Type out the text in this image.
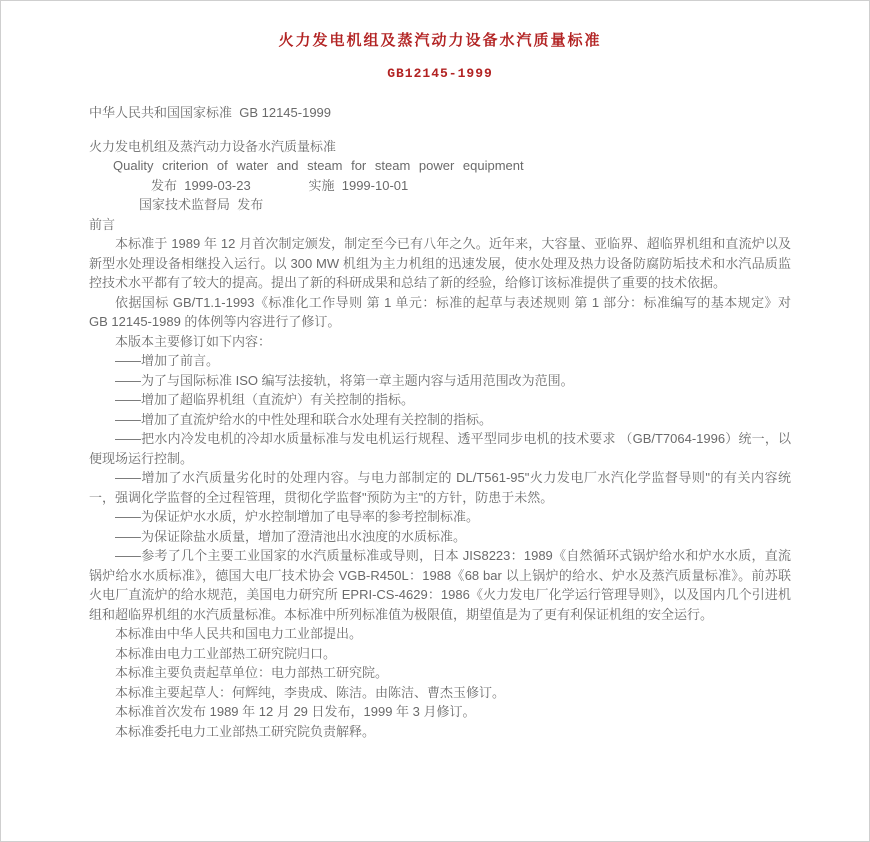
火力发电机组及蒸汽动力设备水汽质量标准
GB12145-1999

中华人民共和国国家标准  GB 12145-1999

火力发电机组及蒸汽动力设备水汽质量标准

Quality criterion of water and steam for steam power equipment

发布  1999-03-23                实施  1999-10-01

国家技术监督局  发布

前言

本标准于 1989 年 12 月首次制定颁发，制定至今已有八年之久。近年来，大容量、亚临界、超临界机组和直流炉以及新型水处理设备相继投入运行。以 300 MW 机组为主力机组的迅速发展，使水处理及热力设备防腐防垢技术和水汽品质监控技术水平都有了较大的提高。提出了新的科研成果和总结了新的经验，给修订该标准提供了重要的技术依据。

依据国标 GB/T1.1-1993《标准化工作导则 第 1 单元：标准的起草与表述规则 第 1 部分：标准编写的基本规定》对 GB 12145-1989 的体例等内容进行了修订。

本版本主要修订如下内容：

——增加了前言。

——为了与国际标准 ISO 编写法接轨，将第一章主题内容与适用范围改为范围。

——增加了超临界机组（直流炉）有关控制的指标。

——增加了直流炉给水的中性处理和联合水处理有关控制的指标。

——把水内冷发电机的冷却水质量标准与发电机运行规程、透平型同步电机的技术要求 （GB/T7064-1996）统一，以便现场运行控制。

——增加了水汽质量劣化时的处理内容。与电力部制定的 DL/T561-95"火力发电厂水汽化学监督导则"的有关内容统一，强调化学监督的全过程管理，贯彻化学监督"预防为主"的方针，防患于未然。

——为保证炉水水质，炉水控制增加了电导率的参考控制标准。

——为保证除盐水质量，增加了澄清池出水浊度的水质标准。

——参考了几个主要工业国家的水汽质量标准或导则，日本 JIS8223：1989《自然循环式锅炉给水和炉水水质，直流锅炉给水水质标准》，德国大电厂技术协会 VGB-R450L：1988《68 bar 以上锅炉的给水、炉水及蒸汽质量标准》。前苏联火电厂直流炉的给水规范，美国电力研究所 EPRI-CS-4629：1986《火力发电厂化学运行管理导则》，以及国内几个引进机组和超临界机组的水汽质量标准。本标准中所列标准值为极限值，期望值是为了更有利保证机组的安全运行。

本标准由中华人民共和国电力工业部提出。

本标准由电力工业部热工研究院归口。

本标准主要负责起草单位：电力部热工研究院。

本标准主要起草人：何辉纯，李贵成、陈洁。由陈洁、曹杰玉修订。

本标准首次发布 1989 年 12 月 29 日发布，1999 年 3 月修订。

本标准委托电力工业部热工研究院负责解释。
